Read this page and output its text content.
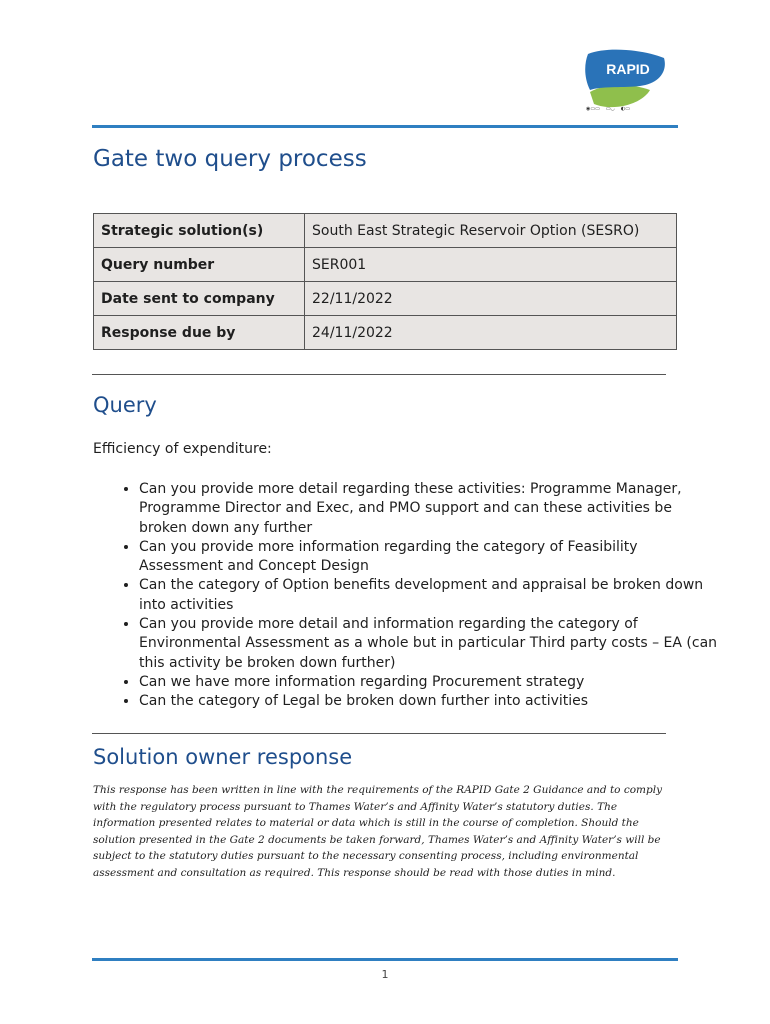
RAPID
◉▭▭ ▭◡ ◐▭
Gate two query process
Strategic solution(s)	South East Strategic Reservoir Option (SESRO)
Query number	SER001
Date sent to company	22/11/2022
Response due by	24/11/2022
Query
Efficiency of expenditure:
• Can you provide more detail regarding these activities: Programme Manager, Programme Director and Exec, and PMO support and can these activities be broken down any further
• Can you provide more information regarding the category of Feasibility Assessment and Concept Design
• Can the category of Option benefits development and appraisal be broken down into activities
• Can you provide more detail and information regarding the category of Environmental Assessment as a whole but in particular Third party costs – EA (can this activity be broken down further)
• Can we have more information regarding Procurement strategy
• Can the category of Legal be broken down further into activities
Solution owner response
This response has been written in line with the requirements of the RAPID Gate 2 Guidance and to comply with the regulatory process pursuant to Thames Water’s and Affinity Water’s statutory duties. The information presented relates to material or data which is still in the course of completion. Should the solution presented in the Gate 2 documents be taken forward, Thames Water’s and Affinity Water’s will be subject to the statutory duties pursuant to the necessary consenting process, including environmental assessment and consultation as required. This response should be read with those duties in mind.
1
